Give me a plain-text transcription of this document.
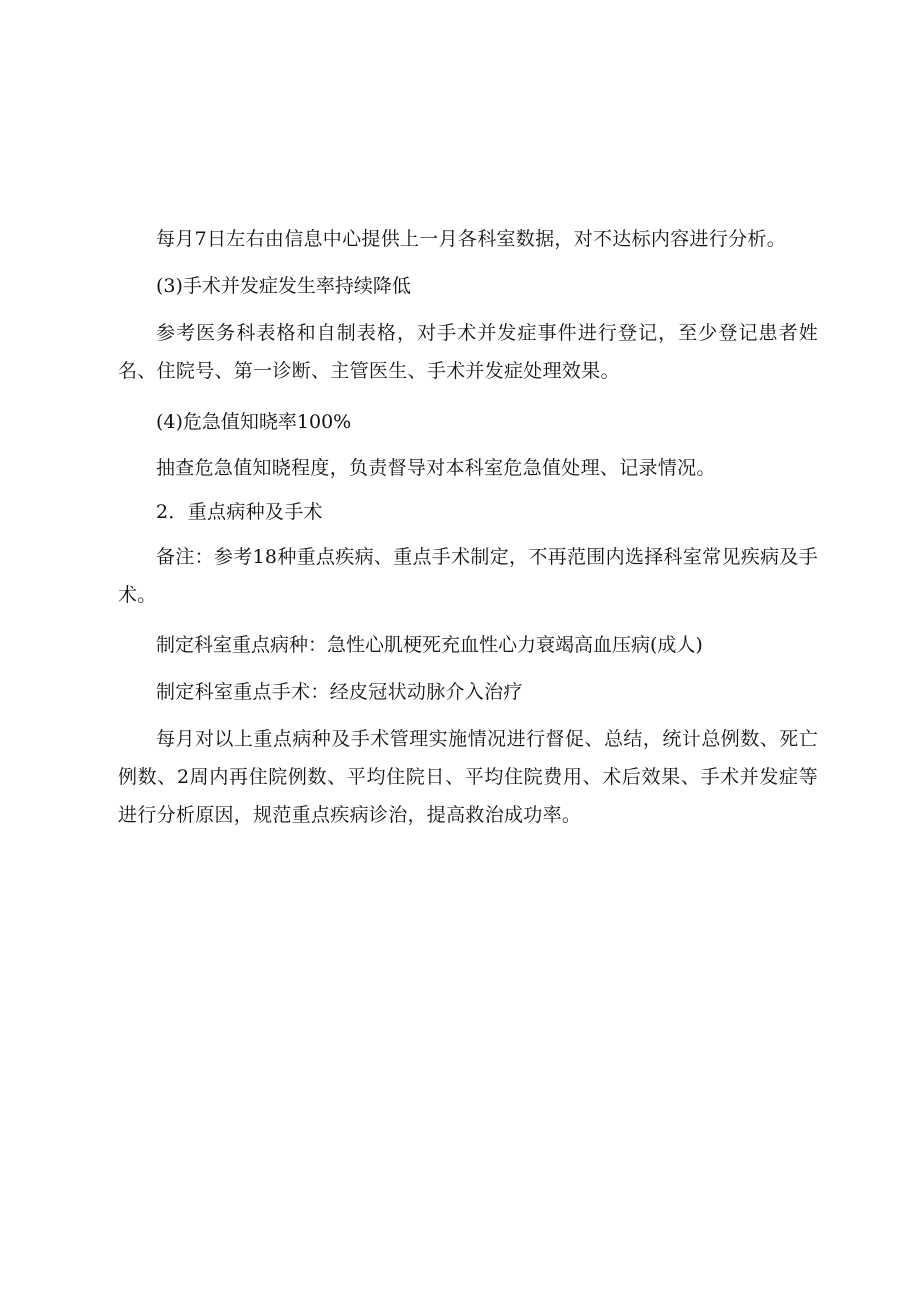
每月7日左右由信息中心提供上一月各科室数据，对不达标内容进行分析。

(3)手术并发症发生率持续降低

参考医务科表格和自制表格，对手术并发症事件进行登记，至少登记患者姓名、住院号、第一诊断、主管医生、手术并发症处理效果。

(4)危急值知晓率100%

抽查危急值知晓程度，负责督导对本科室危急值处理、记录情况。

2．重点病种及手术

备注：参考18种重点疾病、重点手术制定，不再范围内选择科室常见疾病及手术。

制定科室重点病种：急性心肌梗死充血性心力衰竭高血压病(成人)

制定科室重点手术：经皮冠状动脉介入治疗

每月对以上重点病种及手术管理实施情况进行督促、总结，统计总例数、死亡例数、2周内再住院例数、平均住院日、平均住院费用、术后效果、手术并发症等进行分析原因，规范重点疾病诊治，提高救治成功率。
